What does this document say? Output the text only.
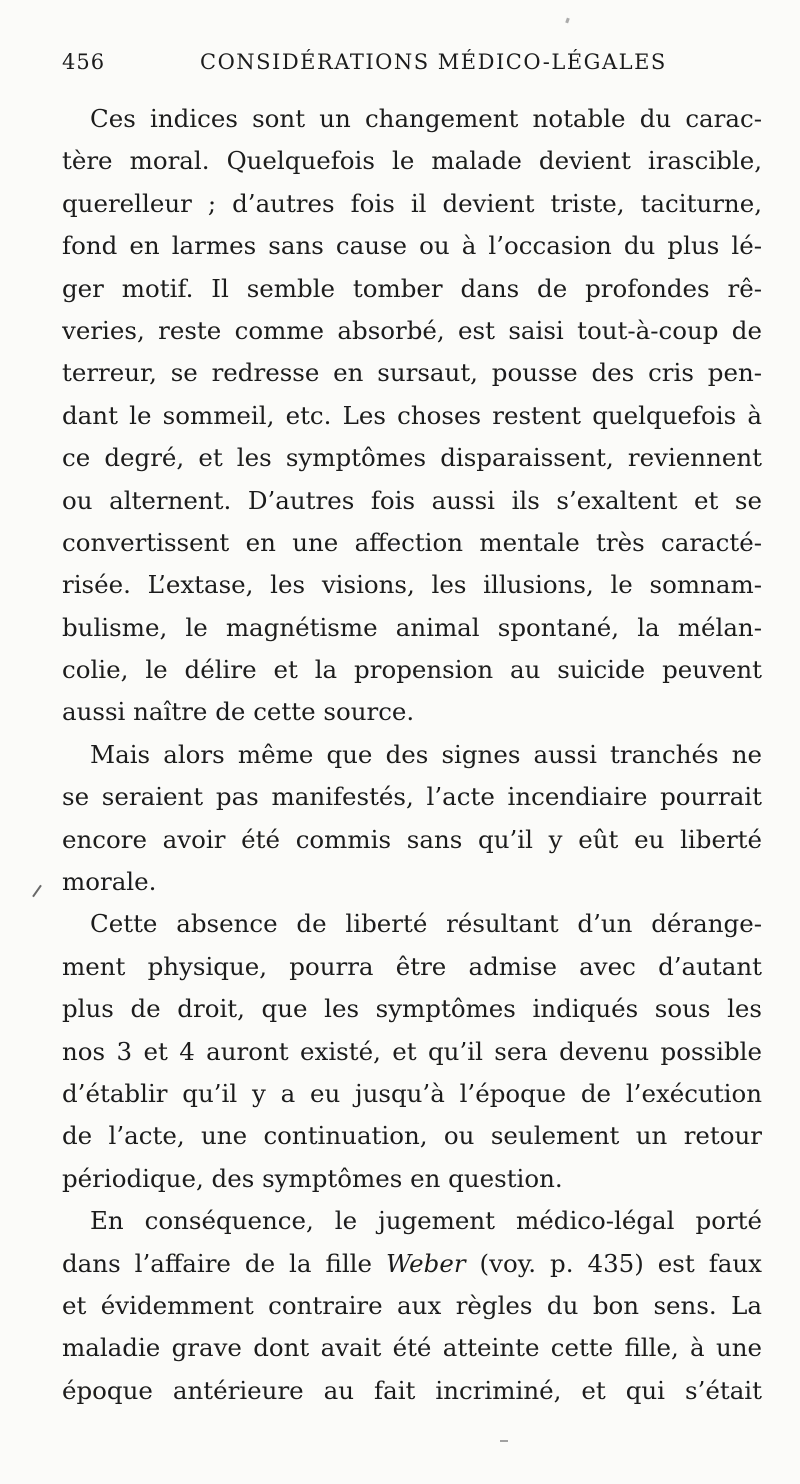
456	CONSIDÉRATIONS MÉDICO-LÉGALES
Ces indices sont un changement notable du carac-
tère moral. Quelquefois le malade devient irascible,
querelleur ; d’autres fois il devient triste, taciturne,
fond en larmes sans cause ou à l’occasion du plus lé-
ger motif. Il semble tomber dans de profondes rê-
veries, reste comme absorbé, est saisi tout-à-coup de
terreur, se redresse en sursaut, pousse des cris pen-
dant le sommeil, etc. Les choses restent quelquefois à
ce degré, et les symptômes disparaissent, reviennent
ou alternent. D’autres fois aussi ils s’exaltent et se
convertissent en une affection mentale très caracté-
risée. L’extase, les visions, les illusions, le somnam-
bulisme, le magnétisme animal spontané, la mélan-
colie, le délire et la propension au suicide peuvent
aussi naître de cette source.
Mais alors même que des signes aussi tranchés ne
se seraient pas manifestés, l’acte incendiaire pourrait
encore avoir été commis sans qu’il y eût eu liberté
morale.
Cette absence de liberté résultant d’un dérange-
ment physique, pourra être admise avec d’autant
plus de droit, que les symptômes indiqués sous les
nos 3 et 4 auront existé, et qu’il sera devenu possible
d’établir qu’il y a eu jusqu’à l’époque de l’exécution
de l’acte, une continuation, ou seulement un retour
périodique, des symptômes en question.
En conséquence, le jugement médico-légal porté
dans l’affaire de la fille Weber (voy. p. 435) est faux
et évidemment contraire aux règles du bon sens. La
maladie grave dont avait été atteinte cette fille, à une
époque antérieure au fait incriminé, et qui s’était
